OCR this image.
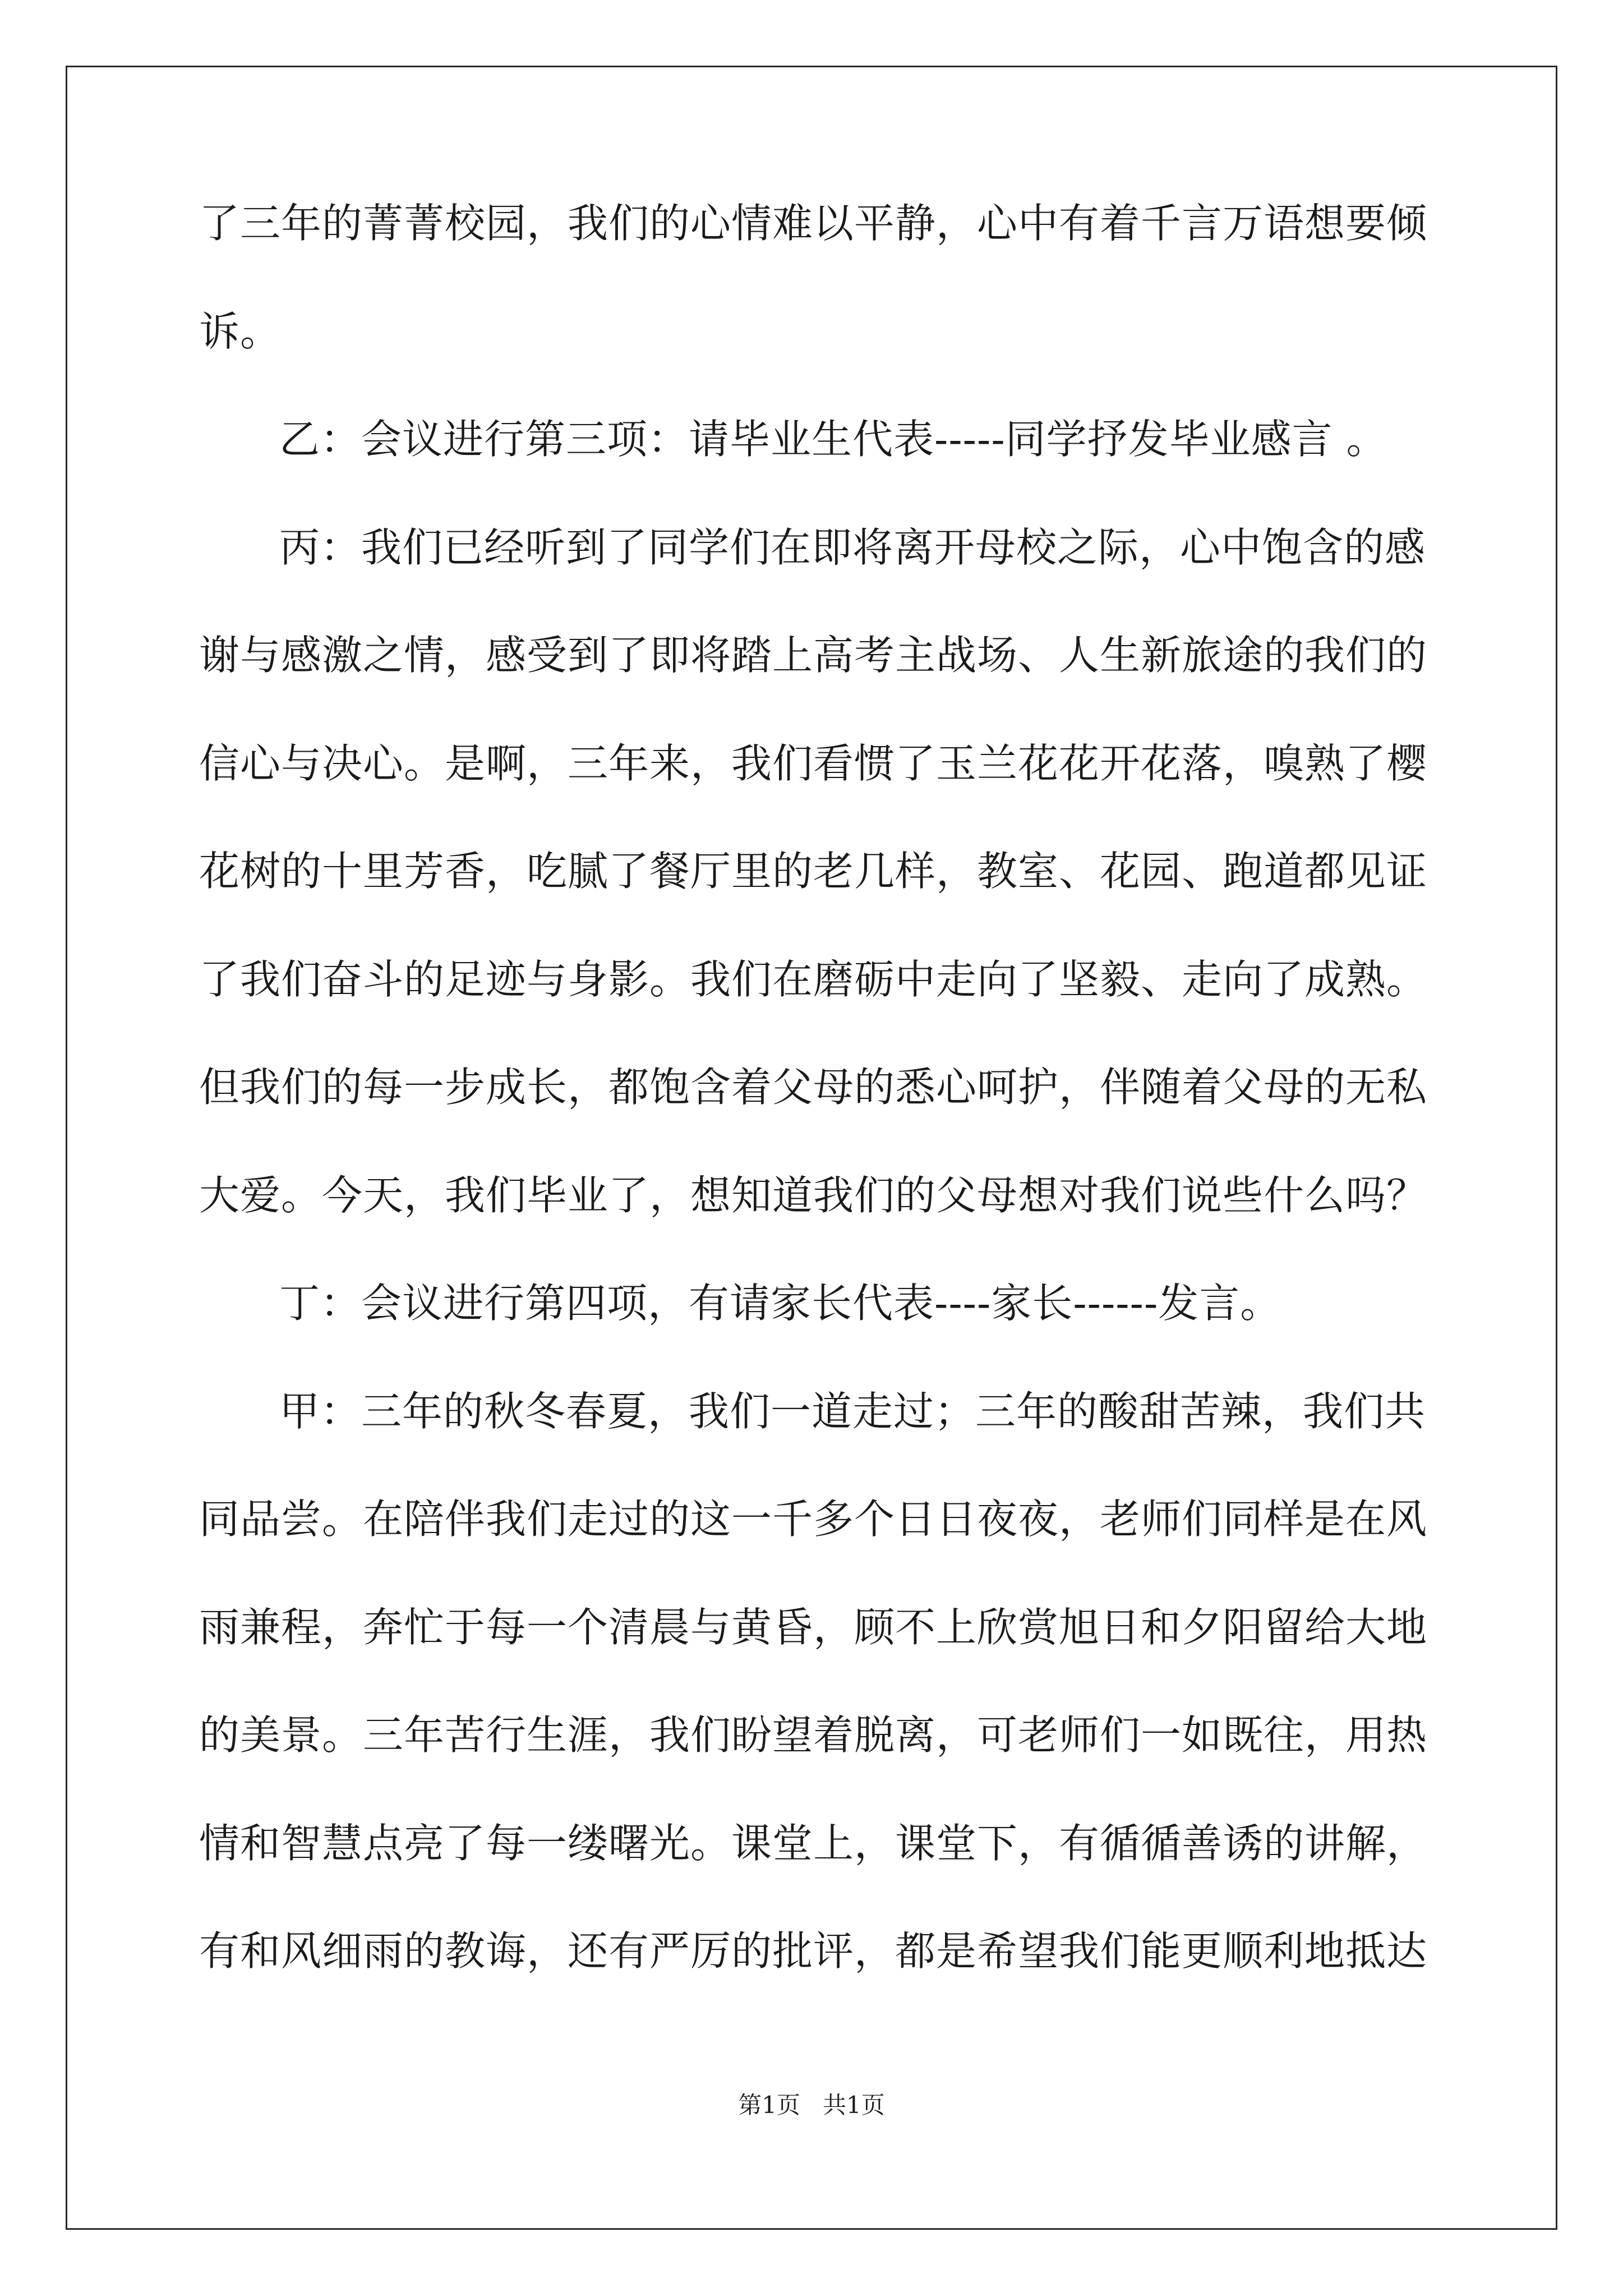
了三年的菁菁校园，我们的心情难以平静，心中有着千言万语想要倾
诉。
乙：会议进行第三项：请毕业生代表-----同学抒发毕业感言 。
丙：我们已经听到了同学们在即将离开母校之际，心中饱含的感
谢与感激之情，感受到了即将踏上高考主战场、人生新旅途的我们的
信心与决心。是啊，三年来，我们看惯了玉兰花花开花落，嗅熟了樱
花树的十里芳香，吃腻了餐厅里的老几样，教室、花园、跑道都见证
了我们奋斗的足迹与身影。我们在磨砺中走向了坚毅、走向了成熟。
但我们的每一步成长，都饱含着父母的悉心呵护，伴随着父母的无私
大爱。今天，我们毕业了，想知道我们的父母想对我们说些什么吗？
丁：会议进行第四项，有请家长代表----家长------发言。
甲：三年的秋冬春夏，我们一道走过；三年的酸甜苦辣，我们共
同品尝。在陪伴我们走过的这一千多个日日夜夜，老师们同样是在风
雨兼程，奔忙于每一个清晨与黄昏，顾不上欣赏旭日和夕阳留给大地
的美景。三年苦行生涯，我们盼望着脱离，可老师们一如既往，用热
情和智慧点亮了每一缕曙光。课堂上，课堂下，有循循善诱的讲解，
有和风细雨的教诲，还有严厉的批评，都是希望我们能更顺利地抵达
第1页 共1页
